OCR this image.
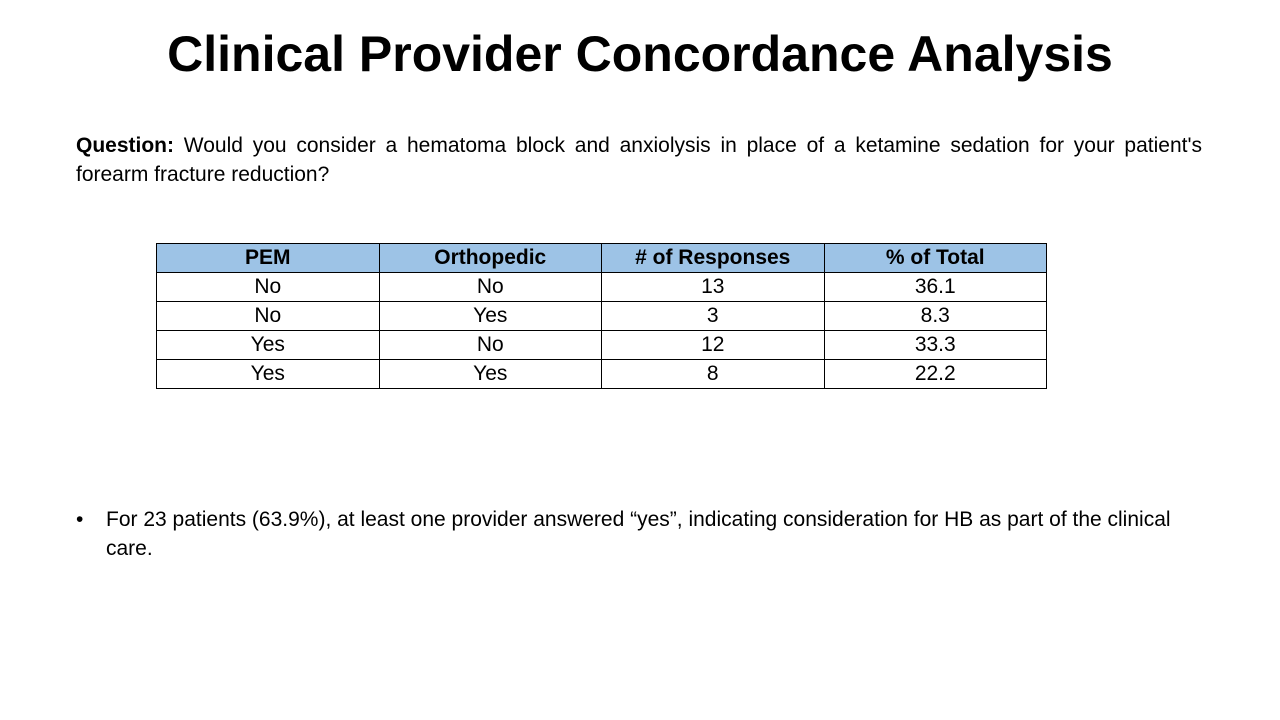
Clinical Provider Concordance Analysis

Question: Would you consider a hematoma block and anxiolysis in place of a ketamine sedation for your patient's forearm fracture reduction?

PEM	Orthopedic	# of Responses	% of Total
No	No	13	36.1
No	Yes	3	8.3
Yes	No	12	33.3
Yes	Yes	8	22.2
• For 23 patients (63.9%), at least one provider answered “yes”, indicating consideration for HB as part of the clinical care.
